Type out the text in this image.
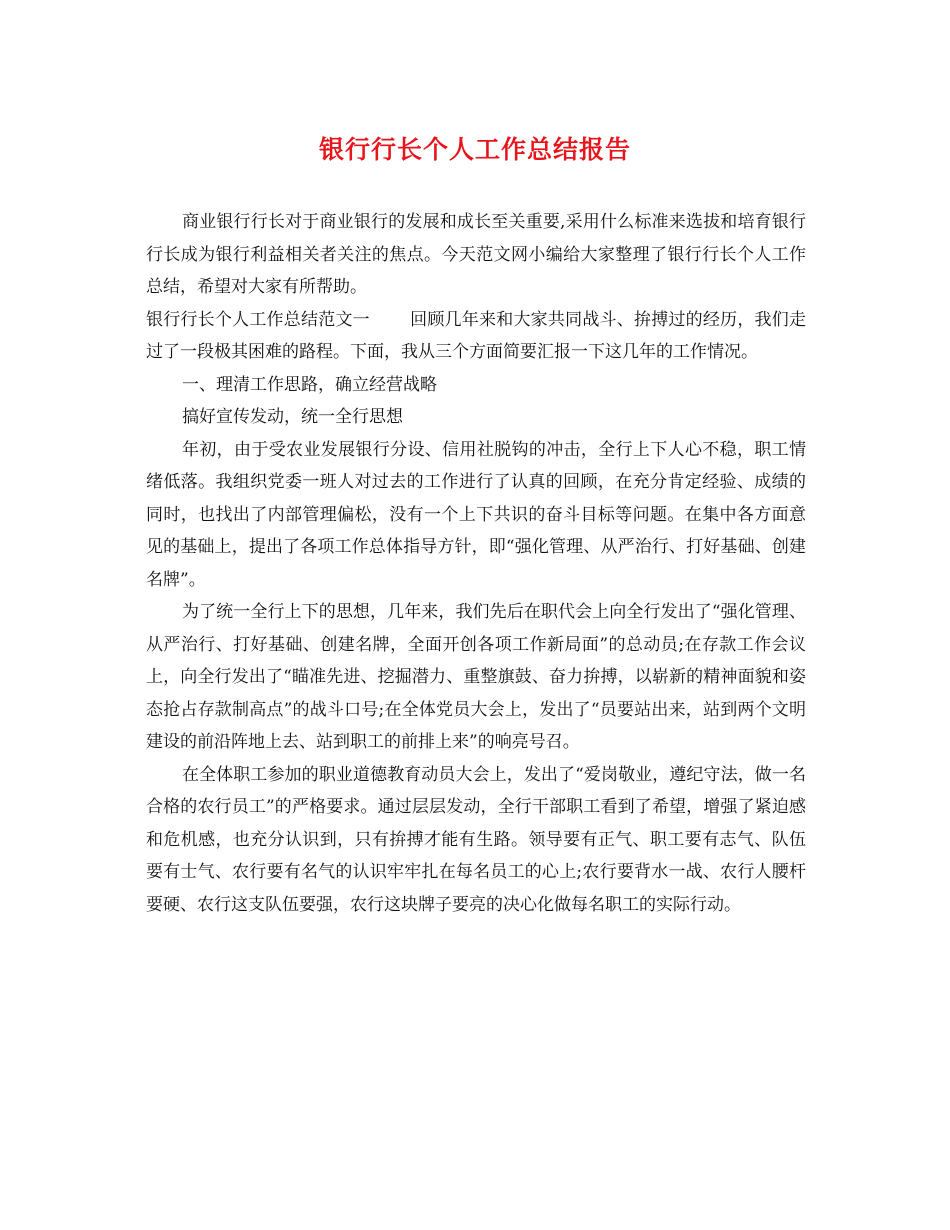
银行行长个人工作总结报告

商业银行行长对于商业银行的发展和成长至关重要,采用什么标准来选拔和培育银行行长成为银行利益相关者关注的焦点。今天范文网小编给大家整理了银行行长个人工作总结，希望对大家有所帮助。

银行行长个人工作总结范文一 回顾几年来和大家共同战斗、拚搏过的经历，我们走过了一段极其困难的路程。下面，我从三个方面简要汇报一下这几年的工作情况。

一、理清工作思路，确立经营战略

搞好宣传发动，统一全行思想

年初，由于受农业发展银行分设、信用社脱钩的冲击，全行上下人心不稳，职工情绪低落。我组织党委一班人对过去的工作进行了认真的回顾，在充分肯定经验、成绩的同时，也找出了内部管理偏松，没有一个上下共识的奋斗目标等问题。在集中各方面意见的基础上，提出了各项工作总体指导方针，即“强化管理、从严治行、打好基础、创建名牌”。

为了统一全行上下的思想，几年来，我们先后在职代会上向全行发出了“强化管理、从严治行、打好基础、创建名牌，全面开创各项工作新局面”的总动员;在存款工作会议上，向全行发出了“瞄准先进、挖掘潜力、重整旗鼓、奋力拚搏，以崭新的精神面貌和姿态抢占存款制高点”的战斗口号;在全体党员大会上，发出了“员要站出来，站到两个文明建设的前沿阵地上去、站到职工的前排上来”的响亮号召。

在全体职工参加的职业道德教育动员大会上，发出了“爱岗敬业，遵纪守法，做一名合格的农行员工”的严格要求。通过层层发动，全行干部职工看到了希望，增强了紧迫感和危机感，也充分认识到，只有拚搏才能有生路。领导要有正气、职工要有志气、队伍要有士气、农行要有名气的认识牢牢扎在每名员工的心上;农行要背水一战、农行人腰杆要硬、农行这支队伍要强，农行这块牌子要亮的决心化做每名职工的实际行动。
